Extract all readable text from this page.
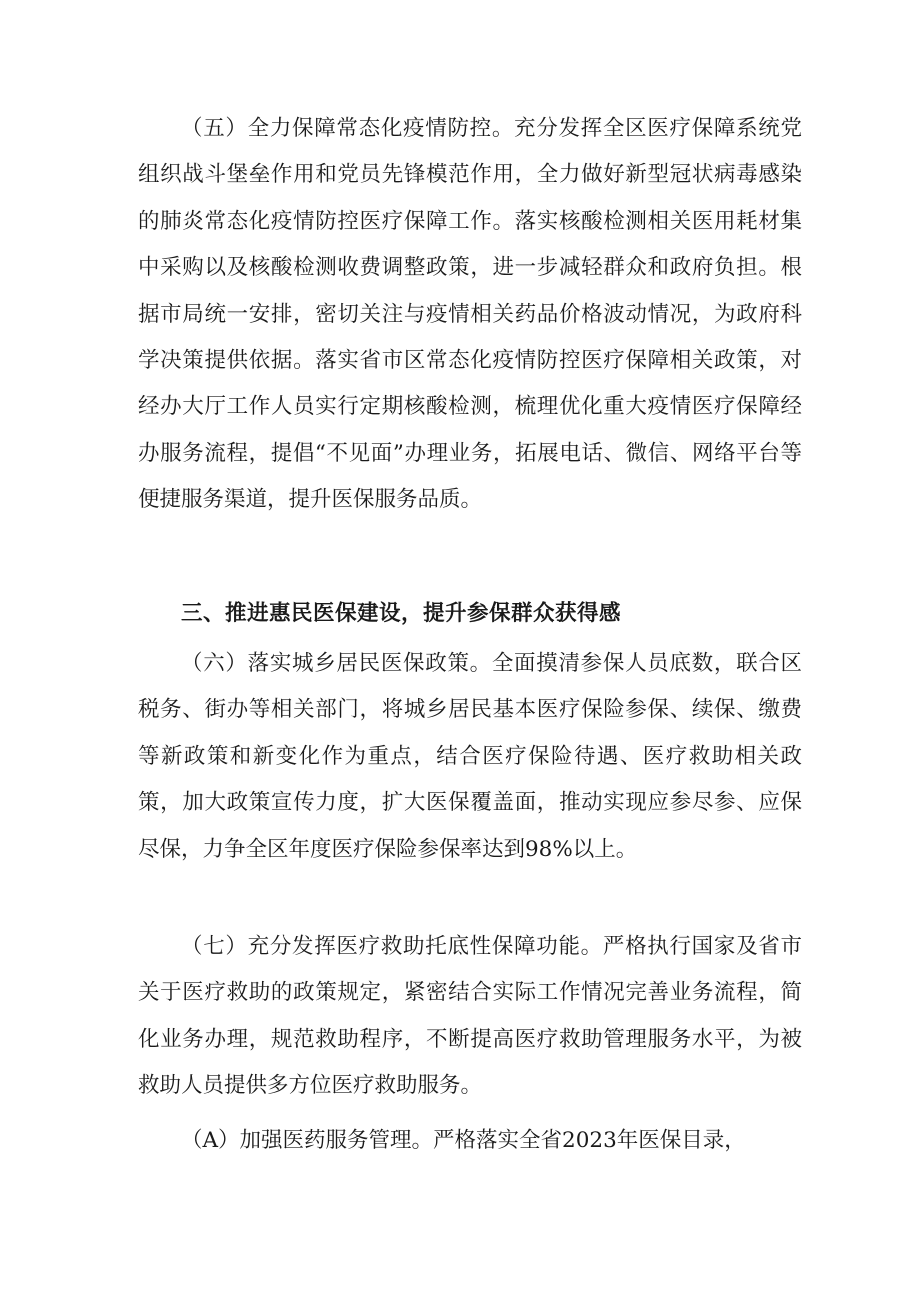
（五）全力保障常态化疫情防控。充分发挥全区医疗保障系统党组织战斗堡垒作用和党员先锋模范作用，全力做好新型冠状病毒感染的肺炎常态化疫情防控医疗保障工作。落实核酸检测相关医用耗材集中采购以及核酸检测收费调整政策，进一步减轻群众和政府负担。根据市局统一安排，密切关注与疫情相关药品价格波动情况，为政府科学决策提供依据。落实省市区常态化疫情防控医疗保障相关政策，对经办大厅工作人员实行定期核酸检测，梳理优化重大疫情医疗保障经办服务流程，提倡“不见面”办理业务，拓展电话、微信、网络平台等便捷服务渠道，提升医保服务品质。

三、推进惠民医保建设，提升参保群众获得感

（六）落实城乡居民医保政策。全面摸清参保人员底数，联合区税务、街办等相关部门，将城乡居民基本医疗保险参保、续保、缴费等新政策和新变化作为重点，结合医疗保险待遇、医疗救助相关政策，加大政策宣传力度，扩大医保覆盖面，推动实现应参尽参、应保尽保，力争全区年度医疗保险参保率达到98%以上。

（七）充分发挥医疗救助托底性保障功能。严格执行国家及省市关于医疗救助的政策规定，紧密结合实际工作情况完善业务流程，简化业务办理，规范救助程序，不断提高医疗救助管理服务水平，为被救助人员提供多方位医疗救助服务。

（A）加强医药服务管理。严格落实全省2023年医保目录，
